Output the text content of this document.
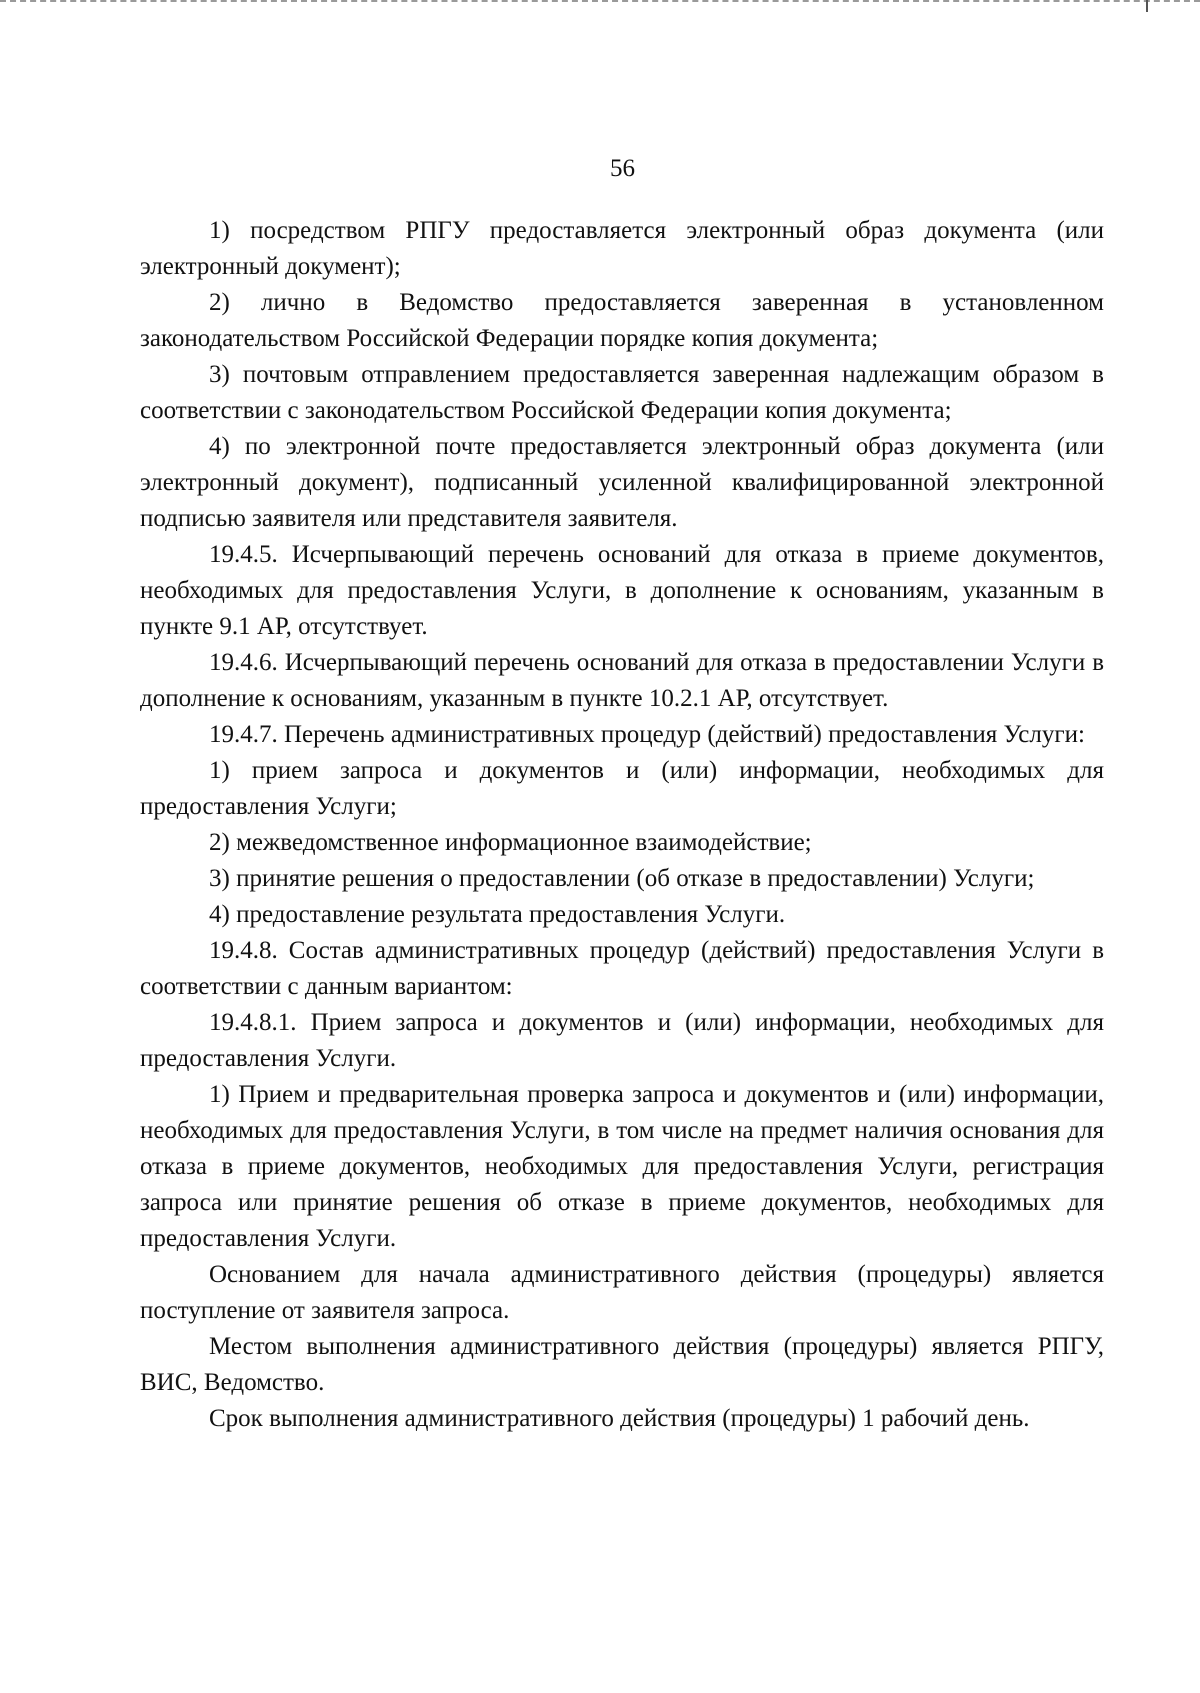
56

1) посредством РПГУ предоставляется электронный образ документа (или электронный документ);

2) лично в Ведомство предоставляется заверенная в установленном законодательством Российской Федерации порядке копия документа;

3) почтовым отправлением предоставляется заверенная надлежащим образом в соответствии с законодательством Российской Федерации копия документа;

4) по электронной почте предоставляется электронный образ документа (или электронный документ), подписанный усиленной квалифицированной электронной подписью заявителя или представителя заявителя.

19.4.5. Исчерпывающий перечень оснований для отказа в приеме документов, необходимых для предоставления Услуги, в дополнение к основаниям, указанным в пункте 9.1 АР, отсутствует.

19.4.6. Исчерпывающий перечень оснований для отказа в предоставлении Услуги в дополнение к основаниям, указанным в пункте 10.2.1 АР, отсутствует.

19.4.7. Перечень административных процедур (действий) предоставления Услуги:

1) прием запроса и документов и (или) информации, необходимых для предоставления Услуги;

2) межведомственное информационное взаимодействие;

3) принятие решения о предоставлении (об отказе в предоставлении) Услуги;

4) предоставление результата предоставления Услуги.

19.4.8. Состав административных процедур (действий) предоставления Услуги в соответствии с данным вариантом:

19.4.8.1. Прием запроса и документов и (или) информации, необходимых для предоставления Услуги.

1) Прием и предварительная проверка запроса и документов и (или) информации, необходимых для предоставления Услуги, в том числе на предмет наличия основания для отказа в приеме документов, необходимых для предоставления Услуги, регистрация запроса или принятие решения об отказе в приеме документов, необходимых для предоставления Услуги.

Основанием для начала административного действия (процедуры) является поступление от заявителя запроса.

Местом выполнения административного действия (процедуры) является РПГУ, ВИС, Ведомство.

Срок выполнения административного действия (процедуры) 1 рабочий день.
